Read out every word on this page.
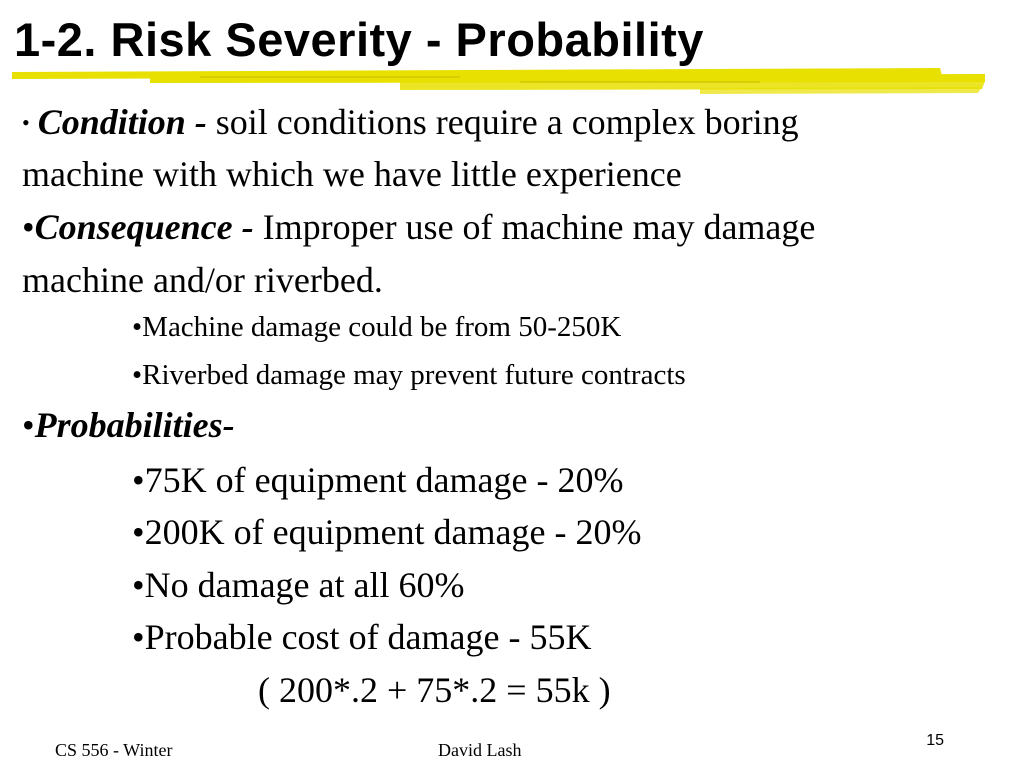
1-2. Risk Severity - Probability

• Condition - soil conditions require a complex boring

machine with which we have little experience

•Consequence - Improper use of machine may damage

machine and/or riverbed.

•Machine damage could be from 50-250K

•Riverbed damage may prevent future contracts

•Probabilities-

•75K of equipment damage - 20%

•200K of equipment damage - 20%

•No damage at all 60%

•Probable cost of damage - 55K

( 200*.2 + 75*.2 = 55k )

CS 556 - Winter	David Lash	15
